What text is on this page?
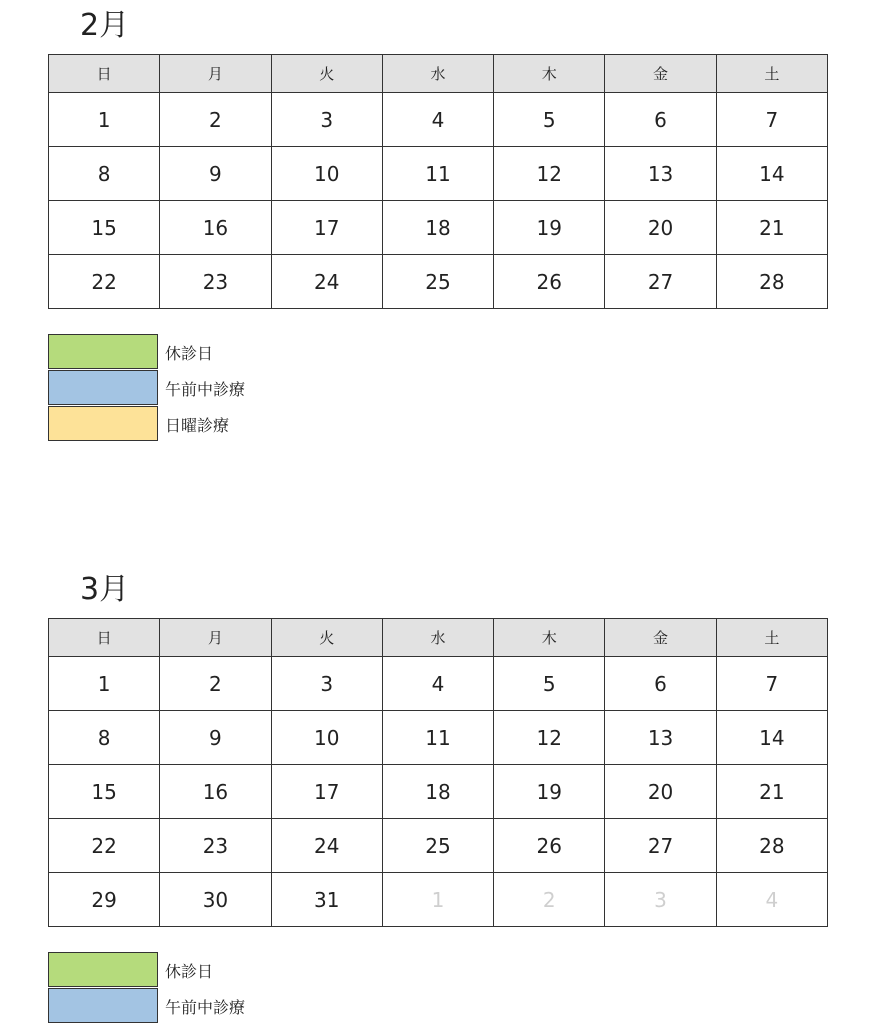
2月
日	月	火	水	木	金	土
1	2	3	4	5	6	7
8	9	10	11	12	13	14
15	16	17	18	19	20	21
22	23	24	25	26	27	28
休診日
午前中診療
日曜診療
3月
日	月	火	水	木	金	土
1	2	3	4	5	6	7
8	9	10	11	12	13	14
15	16	17	18	19	20	21
22	23	24	25	26	27	28
29	30	31	1	2	3	4
休診日
午前中診療
